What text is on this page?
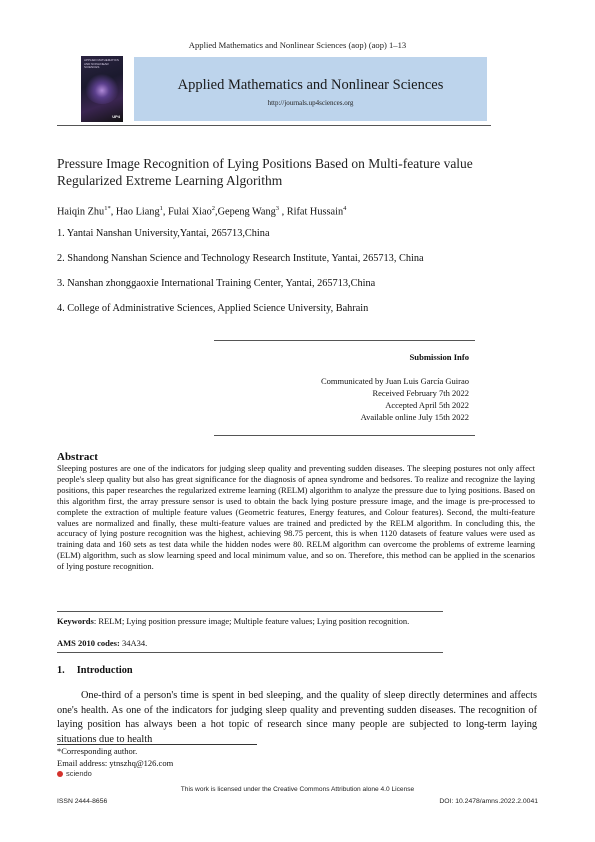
Applied Mathematics and Nonlinear Sciences (aop) (aop) 1–13
APPLIED MATHEMATICS AND NONLINEAR SCIENCES
UP4
Applied Mathematics and Nonlinear Sciences
http://journals.up4sciences.org
Pressure Image Recognition of Lying Positions Based on Multi-feature value Regularized Extreme Learning Algorithm
Haiqin Zhu$^{1*}$, Hao Liang$^1$, Fulai Xiao$^2$,Gepeng Wang$^3$ , Rifat Hussain$^4$
1. Yantai Nanshan University,Yantai, 265713,China
2. Shandong Nanshan Science and Technology Research Institute, Yantai, 265713, China
3. Nanshan zhonggaoxie International Training Center, Yantai, 265713,China
4. College of Administrative Sciences, Applied Science University, Bahrain
Submission Info
Communicated by Juan Luis García Guirao
Received February 7th 2022
Accepted April 5th 2022
Available online July 15th 2022
Abstract
Sleeping postures are one of the indicators for judging sleep quality and preventing sudden diseases. The sleeping postures not only affect people's sleep quality but also has great significance for the diagnosis of apnea syndrome and bedsores. To realize and recognize the laying positions, this paper researches the regularized extreme learning (RELM) algorithm to analyze the pressure due to lying positions. Based on this algorithm first, the array pressure sensor is used to obtain the back lying posture pressure image, and the image is pre-processed to complete the extraction of multiple feature values (Geometric features, Energy features, and Colour features). Second, the multi-feature values are normalized and finally, these multi-feature values are trained and predicted by the RELM algorithm. In concluding this, the accuracy of lying posture recognition was the highest, achieving 98.75 percent, this is when 1120 datasets of feature values were used as training data and 160 sets as test data while the hidden nodes were 80. RELM algorithm can overcome the problems of extreme learning (ELM) algorithm, such as slow learning speed and local minimum value, and so on. Therefore, this method can be applied in the scenarios of lying posture recognition.
Keywords: RELM; Lying position pressure image; Multiple feature values; Lying position recognition.
AMS 2010 codes: 34A34.
1. Introduction
One-third of a person's time is spent in bed sleeping, and the quality of sleep directly determines and affects one's health. As one of the indicators for judging sleep quality and preventing sudden diseases. The recognition of laying position has always been a hot topic of research since many people are subjected to long-term laying situations due to health
*Corresponding author.
Email address: ytnszhq@126.com
sciendo
This work is licensed under the Creative Commons Attribution alone 4.0 License
ISSN 2444-8656	DOI: 10.2478/amns.2022.2.0041
